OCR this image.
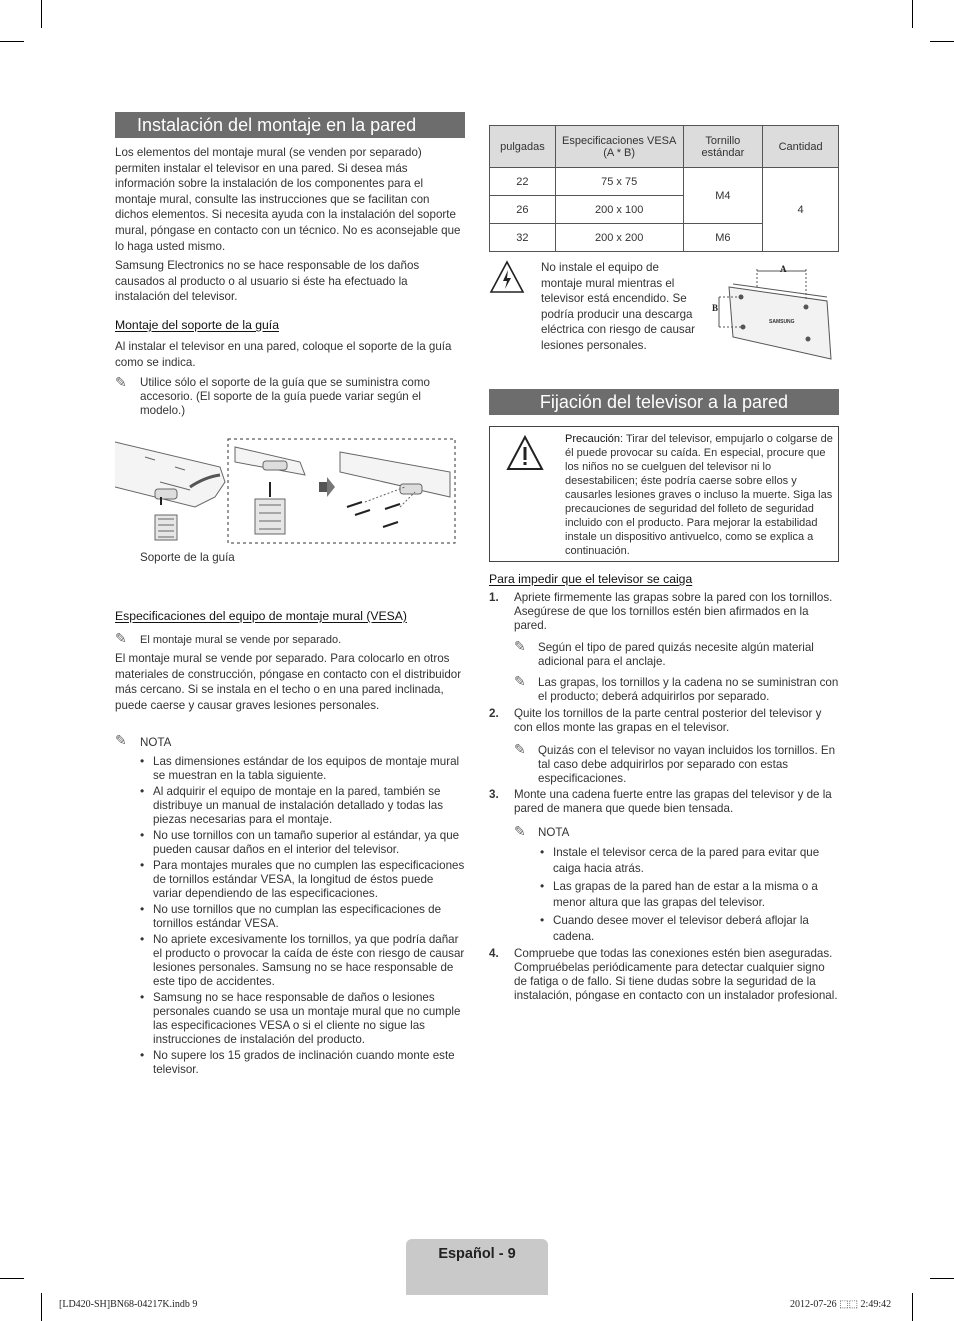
Instalación del montaje en la pared
Los elementos del montaje mural (se venden por separado) permiten instalar el televisor en una pared. Si desea más información sobre la instalación de los componentes para el montaje mural, consulte las instrucciones que se facilitan con dichos elementos. Si necesita ayuda con la instalación del soporte mural, póngase en contacto con un técnico. No es aconsejable que lo haga usted mismo.
Samsung Electronics no se hace responsable de los daños causados al producto o al usuario si éste ha efectuado la instalación del televisor.
Montaje del soporte de la guía
Al instalar el televisor en una pared, coloque el soporte de la guía como se indica.
✎ Utilice sólo el soporte de la guía que se suministra como accesorio. (El soporte de la guía puede variar según el modelo.)
Soporte de la guía
Especificaciones del equipo de montaje mural (VESA)
✎ El montaje mural se vende por separado.
El montaje mural se vende por separado. Para colocarlo en otros materiales de construcción, póngase en contacto con el distribuidor más cercano. Si se instala en el techo o en una pared inclinada, puede caerse y causar graves lesiones personales.
✎ NOTA
• Las dimensiones estándar de los equipos de montaje mural se muestran en la tabla siguiente.
• Al adquirir el equipo de montaje en la pared, también se distribuye un manual de instalación detallado y todas las piezas necesarias para el montaje.
• No use tornillos con un tamaño superior al estándar, ya que pueden causar daños en el interior del televisor.
• Para montajes murales que no cumplen las especificaciones de tornillos estándar VESA, la longitud de éstos puede variar dependiendo de las especificaciones.
• No use tornillos que no cumplan las especificaciones de tornillos estándar VESA.
• No apriete excesivamente los tornillos, ya que podría dañar el producto o provocar la caída de éste con riesgo de causar lesiones personales. Samsung no se hace responsable de este tipo de accidentes.
• Samsung no se hace responsable de daños o lesiones personales cuando se usa un montaje mural que no cumple las especificaciones VESA o si el cliente no sigue las instrucciones de instalación del producto.
• No supere los 15 grados de inclinación cuando monte este televisor.
pulgadas	Especificaciones VESA (A * B)	Tornillo estándar	Cantidad
22	75 x 75	M4	4
26	200 x 100		
32	200 x 200	M6	
No instale el equipo de montaje mural mientras el televisor está encendido. Se podría producir una descarga eléctrica con riesgo de causar lesiones personales.
A
B
SAMSUNG
Fijación del televisor a la pared
Precaución: Tirar del televisor, empujarlo o colgarse de él puede provocar su caída. En especial, procure que los niños no se cuelguen del televisor ni lo desestabilicen; éste podría caerse sobre ellos y causarles lesiones graves o incluso la muerte. Siga las precauciones de seguridad del folleto de seguridad incluido con el producto. Para mejorar la estabilidad instale un dispositivo antivuelco, como se explica a continuación.
Para impedir que el televisor se caiga
1. Apriete firmemente las grapas sobre la pared con los tornillos. Asegúrese de que los tornillos estén bien afirmados en la pared.
✎	Según el tipo de pared quizás necesite algún material adicional para el anclaje.
✎	Las grapas, los tornillos y la cadena no se suministran con el producto; deberá adquirirlos por separado.
2. Quite los tornillos de la parte central posterior del televisor y con ellos monte las grapas en el televisor.
✎	Quizás con el televisor no vayan incluidos los tornillos. En tal caso debe adquirirlos por separado con estas especificaciones.
3. Monte una cadena fuerte entre las grapas del televisor y de la pared de manera que quede bien tensada.
✎	NOTA
• Instale el televisor cerca de la pared para evitar que caiga hacia atrás.
• Las grapas de la pared han de estar a la misma o a menor altura que las grapas del televisor.
• Cuando desee mover el televisor deberá aflojar la cadena.
4. Compruebe que todas las conexiones estén bien aseguradas. Compruébelas periódicamente para detectar cualquier signo de fatiga o de fallo. Si tiene dudas sobre la seguridad de la instalación, póngase en contacto con un instalador profesional.
Español - 9
[LD420-SH]BN68-04217K.indb 9	2012-07-26 ⬚⬚ 2:49:42
